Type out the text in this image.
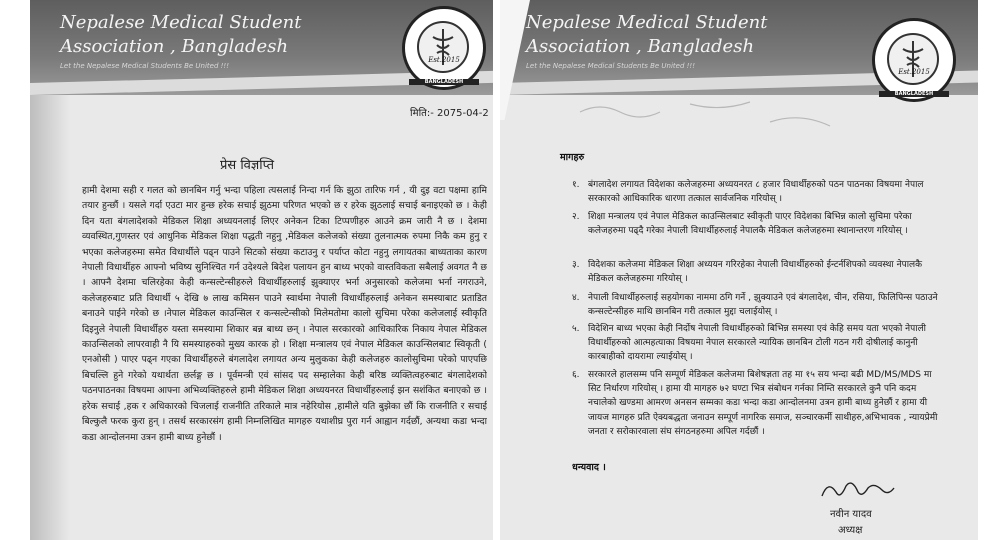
Nepalese Medical Student
Association , Bangladesh
Let the Nepalese Medical Students Be United !!!
Est.2015
BANGLADESH
मिति:- 2075-04-2
प्रेस विज्ञप्ति
हामी देशमा सही र गलत को छानबिन गर्नु भन्दा पहिला त्यसलाई निन्दा गर्न कि झुठा तारिफ गर्न , यी दुइ वटा पक्षमा हामि तयार हुन्छौं । यसले गर्दा एउटा मार हुन्छ हरेक सचाई झुठमा परिणत भएको छ र हरेक झुठलाई सचाई बनाइएको छ । केही दिन यता बंगलादेशको मेडिकल शिक्षा अध्ययनलाई लिएर अनेकन टिका टिप्पणीहरु आउने क्रम जारी नै छ । देशमा व्यवस्थित,गुणस्तर एवं आधुनिक मेडिकल शिक्षा पद्धती नहुनु ,मेडिकल कलेजको संख्या तुलनात्मक रुपमा निकै कम हुनु र भएका कलेजहरुमा समेत विधार्थीले पढ्न पाउने सिटको संख्या कटाउनु र पर्याप्त कोटा नहुनु लगायतका बाध्यताका कारण नेपाली विधार्थीहरु आफ्नो भविष्य सुनिश्चित गर्न उदेश्यले बिदेश पलायन हुन बाध्य भएको वास्तविकता सबैलाई अवगत नै छ । आफ्नै देशमा चलिरहेका केही कन्सल्टेन्सीहरुले विधार्थीहरुलाई झुक्याएर भर्ना अनुसारको कलेजमा भर्ना नगराउने, कलेजहरुबाट प्रति विधार्थी ५ देखि ७ लाख कमिसन पाउने स्वार्थमा नेपाली विधार्थीहरुलाई अनेकन समस्याबाट प्रताडित बनाउने पाईने गरेको छ ।नेपाल मेडिकल काउन्सिल र कन्सल्टेन्सीको मिलेमतोमा कालो सुचिमा परेका कलेजलाई स्वीकृति दिइनुले नेपाली विधार्थीहरु यस्ता समस्यामा शिकार बन्न बाध्य छन् । नेपाल सरकारको आधिकारिक निकाय नेपाल मेडिकल काउन्सिलको लापरवाही नै यि समस्याहरुको मुख्य कारक हो । शिक्षा मन्त्रालय एवं नेपाल मेडिकल काउन्सिलबाट स्विकृती ( एनओसी ) पाएर पढ्न गएका विधार्थीहरुले बंगलादेश लगायत अन्य मुलुकका केही कलेजहरु कालोसुचिमा परेको पाएपछि बिचल्लि हुने गरेको यथार्थता छर्लङ्ग छ । पूर्वमन्त्री एवं सांसद पद सम्हालेका केही बरिष्ठ व्यक्तित्वहरुबाट बंगलादेशको पठनपाठनका विषयमा आफ्ना अभिव्यक्तिहरुले हामी मेडिकल शिक्षा अध्ययनरत विधार्थीहरुलाई झन सशंकित बनाएको छ ।हरेक सचाई ,हक र अधिकारको चिजलाई राजनीति तरिकाले मात्र नहेरियोस ,हामीले यति बुझेका छौं कि राजनीति र सचाई बिल्कुलै फरक कुरा हुन् । तसर्थ सरकारसंग हामी निम्नलिखित मागहरु यथाशीघ्र पुरा गर्न आह्वान गर्दछौं, अन्यथा कडा भन्दा कडा आन्दोलनमा उत्रन हामी बाध्य हुनेछौं ।
Nepalese Medical Student
Association , Bangladesh
Let the Nepalese Medical Students Be United !!!
Est.2015
BANGLADESH
मागहरु
१. बंगलादेश लगायत विदेशका कलेजहरुमा अध्ययनरत ८ हजार विधार्थीहरुको पठन पाठनका विषयमा नेपाल सरकारको आधिकारिक धारणा तत्काल सार्वजनिक गरियोस् ।
२. शिक्षा मन्त्रालय एवं नेपाल मेडिकल काउन्सिलबाट स्वीकृती पाएर विदेशका बिभिन्न कालो सुचिमा परेका कलेजहरुमा पढ्दै गरेका नेपाली विधार्थीहरुलाई नेपालकै मेडिकल कलेजहरुमा स्थानान्तरण गरियोस् ।
३. विदेशका कलेजमा मेडिकल शिक्षा अध्ययन गरिरहेका नेपाली विधार्थीहरुको ईन्टर्नशिपको व्यवस्था नेपालकै मेडिकल कलेजहरुमा गरियोस् ।
४. नेपाली विधार्थीहरुलाई सहयोगका नाममा ठगि गर्ने , झुक्याउने एवं बंगलादेश, चीन, रसिया, फिलिपिन्स पठाउने कन्सल्टेन्सीहरु माथि छानबिन गरी तत्काल मुद्दा चलाईयोस् ।
५. विदेशिन बाध्य भएका केही निर्दोष नेपाली विधार्थीहरुको बिभिन्न समस्या एवं केहि समय यता भएको नेपाली विधार्थीहरुको आत्महत्याका विषयमा नेपाल सरकारले न्यायिक छानबिन टोली गठन गरी दोषीलाई कानुनी कारबाहीको दायरामा ल्याईयोस् ।
६. सरकारले हालसम्म पनि सम्पूर्ण मेडिकल कलेजमा बिशेषज्ञता तह मा १५ सय भन्दा बढी MD/MS/MDS मा सिट निर्धारण गरियोस् । हामा यी मागहरु ७२ घण्टा भित्र संबोधन गर्नका निम्ति सरकारले कुनै पनि कदम नचालेको खण्डमा आमरण अनसन सम्मका कडा भन्दा कडा आन्दोलनमा उत्रन हामी बाध्य हुनेछौं र हामा यी जायज मागहरु प्रति ऐक्यबद्धता जनाउन सम्पूर्ण नागरिक समाज, सञ्चारकर्मी साथीहरु,अभिभावक , न्यायप्रेमी जनता र सरोकारवाला संघ संगठनहरुमा अपिल गर्दछौं ।
धन्यवाद ।
नवीन यादव
अध्यक्ष
